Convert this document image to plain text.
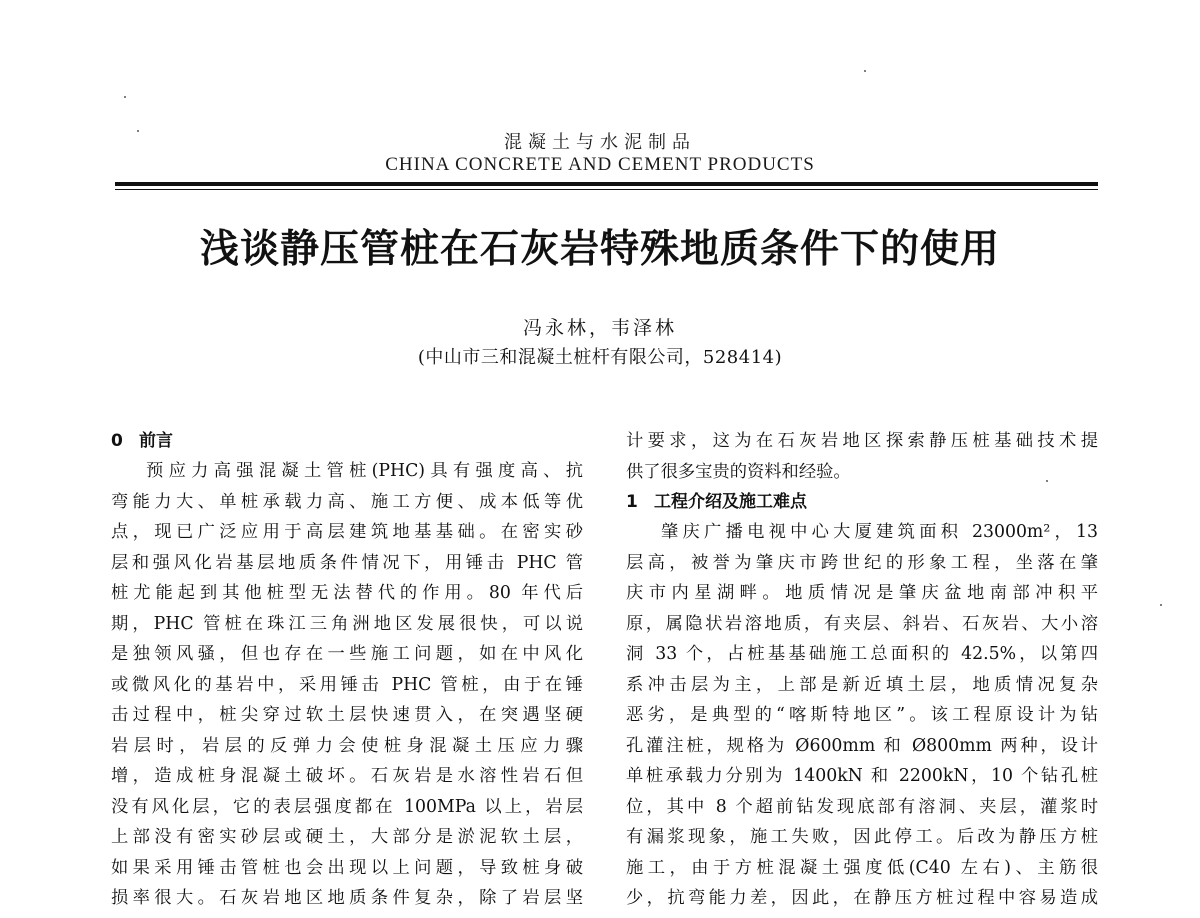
混凝土与水泥制品
CHINA CONCRETE AND CEMENT PRODUCTS
浅谈静压管桩在石灰岩特殊地质条件下的使用
冯永林，韦泽林
(中山市三和混凝土桩杆有限公司，528414)
0 前言
预应力高强混凝土管桩(PHC)具有强度高、抗
弯能力大、单桩承载力高、施工方便、成本低等优
点，现已广泛应用于高层建筑地基基础。在密实砂
层和强风化岩基层地质条件情况下，用锤击 PHC 管
桩尤能起到其他桩型无法替代的作用。80 年代后
期，PHC 管桩在珠江三角洲地区发展很快，可以说
是独领风骚，但也存在一些施工问题，如在中风化
或微风化的基岩中，采用锤击 PHC 管桩，由于在锤
击过程中，桩尖穿过软土层快速贯入，在突遇坚硬
岩层时，岩层的反弹力会使桩身混凝土压应力骤
增，造成桩身混凝土破坏。石灰岩是水溶性岩石但
没有风化层，它的表层强度都在 100MPa 以上，岩层
上部没有密实砂层或硬土，大部分是淤泥软土层，
如果采用锤击管桩也会出现以上问题，导致桩身破
损率很大。石灰岩地区地质条件复杂，除了岩层坚
计要求，这为在石灰岩地区探索静压桩基础技术提
供了很多宝贵的资料和经验。
1 工程介绍及施工难点
肇庆广播电视中心大厦建筑面积 23000m²，13
层高，被誉为肇庆市跨世纪的形象工程，坐落在肇
庆市内星湖畔。地质情况是肇庆盆地南部冲积平
原，属隐状岩溶地质，有夹层、斜岩、石灰岩、大小溶
洞 33 个，占桩基基础施工总面积的 42.5%，以第四
系冲击层为主，上部是新近填土层，地质情况复杂
恶劣，是典型的“喀斯特地区”。该工程原设计为钻
孔灌注桩，规格为 Ø600mm 和 Ø800mm 两种，设计
单桩承载力分别为 1400kN 和 2200kN，10 个钻孔桩
位，其中 8 个超前钻发现底部有溶洞、夹层，灌浆时
有漏浆现象，施工失败，因此停工。后改为静压方桩
施工，由于方桩混凝土强度低(C40 左右)、主筋很
少，抗弯能力差，因此，在静压方桩过程中容易造成
